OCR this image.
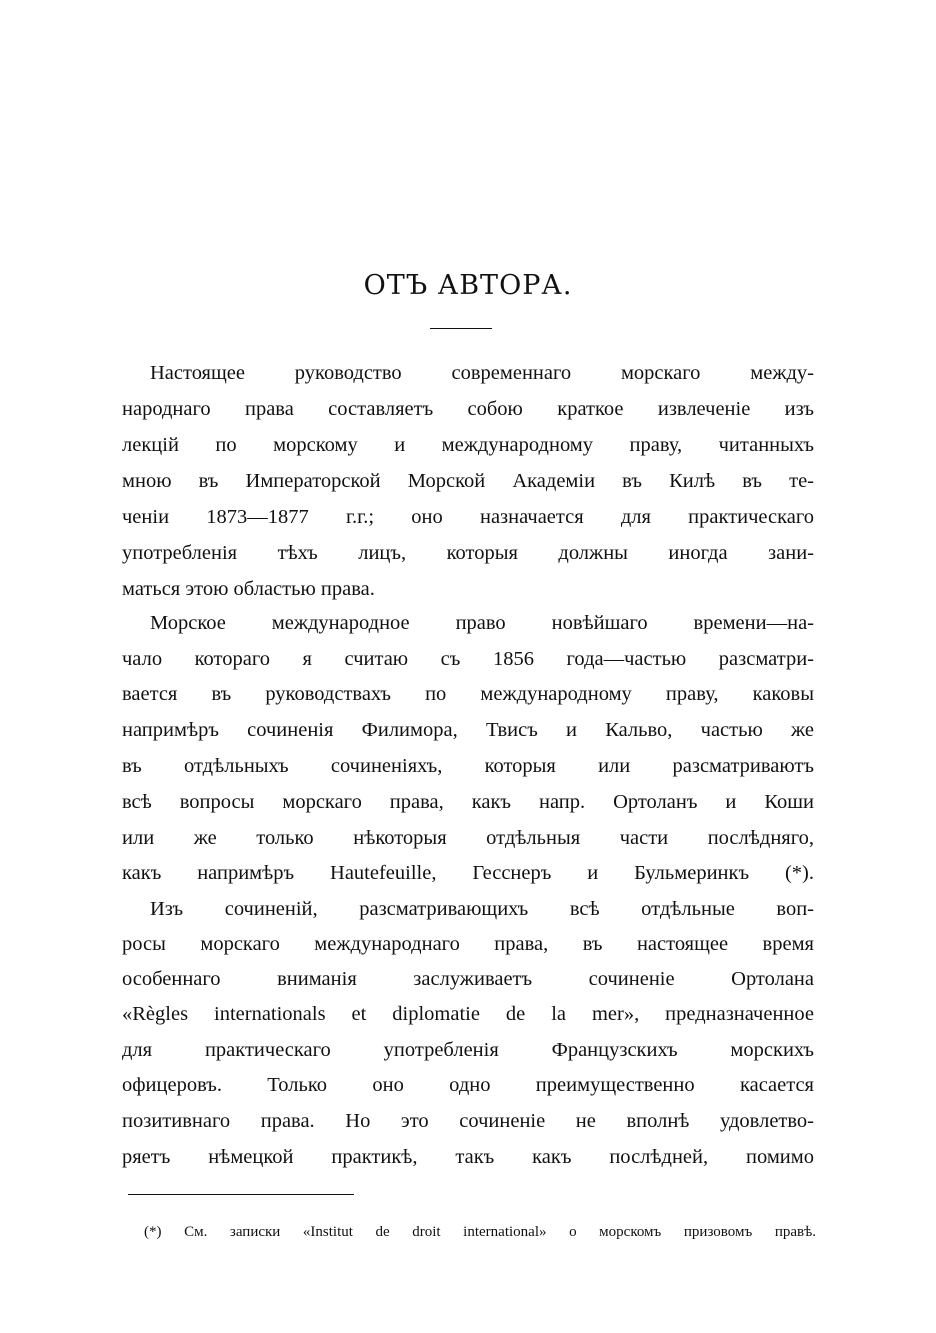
ОТЪ АВТОРА.
Настоящее руководство современнаго морскаго между-
народнаго права составляетъ собою краткое извлеченіе изъ
лекцій по морскому и международному праву, читанныхъ
мною въ Императорской Морской Академіи въ Килѣ въ те-
ченіи 1873—1877 г.г.; оно назначается для практическаго
употребленія тѣхъ лицъ, которыя должны иногда зани-
маться этою областью права.
Морское международное право новѣйшаго времени—на-
чало котораго я считаю съ 1856 года—частью разсматри-
вается въ руководствахъ по международному праву, каковы
напримѣръ сочиненія Филимора, Твисъ и Кальво, частью же
въ отдѣльныхъ сочиненіяхъ, которыя или разсматриваютъ
всѣ вопросы морскаго права, какъ напр. Ортоланъ и Коши
или же только нѣкоторыя отдѣльныя части послѣдняго,
какъ напримѣръ Hautefeuille, Гесснеръ и Бульмеринкъ (*).
Изъ сочиненій, разсматривающихъ всѣ отдѣльные воп-
росы морскаго международнаго права, въ настоящее время
особеннаго вниманія заслуживаетъ сочиненіе Ортолана
«Règles internationals et diplomatie de la mer», предназначенное
для практическаго употребленія Французскихъ морскихъ
офицеровъ. Только оно одно преимущественно касается
позитивнаго права. Но это сочиненіе не вполнѣ удовлетво-
ряетъ нѣмецкой практикѣ, такъ какъ послѣдней, помимо
(*) См. записки «Institut de droit international» о морскомъ призовомъ правѣ.
